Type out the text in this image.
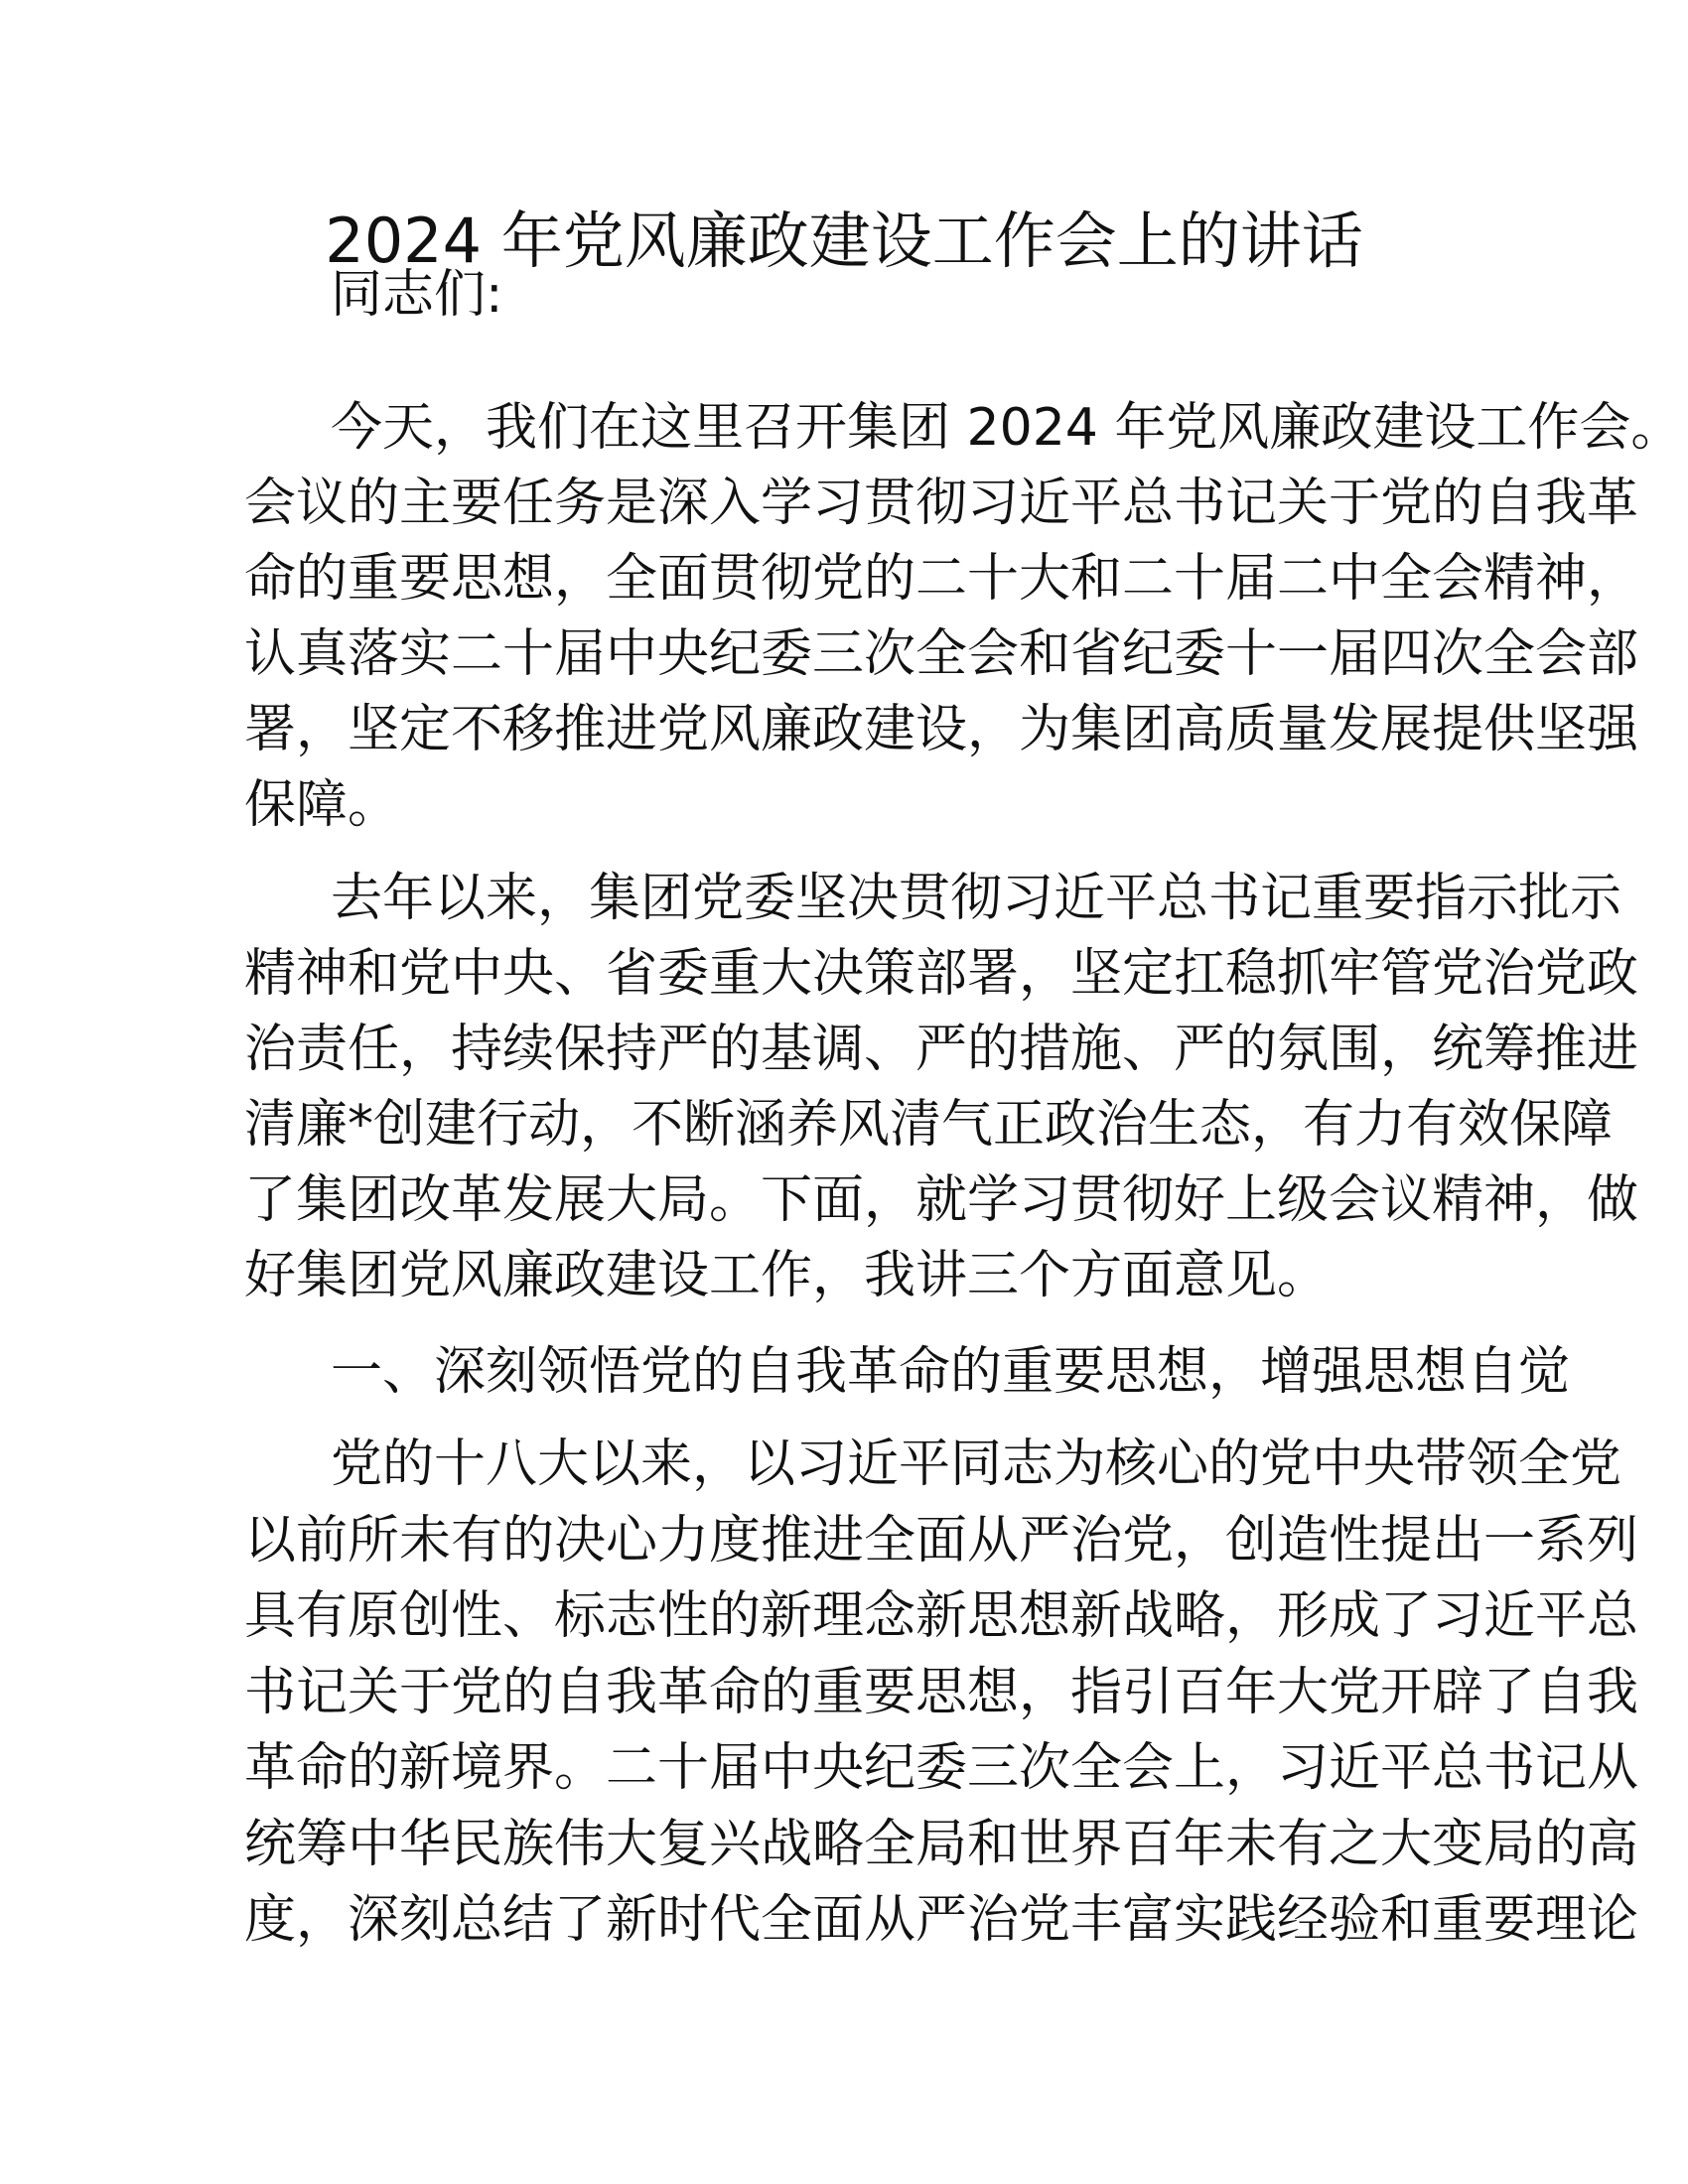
2024 年党风廉政建设工作会上的讲话
同志们:
今天，我们在这里召开集团 2024 年党风廉政建设工作会。
会议的主要任务是深入学习贯彻习近平总书记关于党的自我革
命的重要思想，全面贯彻党的二十大和二十届二中全会精神，
认真落实二十届中央纪委三次全会和省纪委十一届四次全会部
署，坚定不移推进党风廉政建设，为集团高质量发展提供坚强
保障。
去年以来，集团党委坚决贯彻习近平总书记重要指示批示
精神和党中央、省委重大决策部署，坚定扛稳抓牢管党治党政
治责任，持续保持严的基调、严的措施、严的氛围，统筹推进
清廉*创建行动，不断涵养风清气正政治生态，有力有效保障
了集团改革发展大局。下面，就学习贯彻好上级会议精神，做
好集团党风廉政建设工作，我讲三个方面意见。
一、深刻领悟党的自我革命的重要思想，增强思想自觉
党的十八大以来，以习近平同志为核心的党中央带领全党
以前所未有的决心力度推进全面从严治党，创造性提出一系列
具有原创性、标志性的新理念新思想新战略，形成了习近平总
书记关于党的自我革命的重要思想，指引百年大党开辟了自我
革命的新境界。二十届中央纪委三次全会上，习近平总书记从
统筹中华民族伟大复兴战略全局和世界百年未有之大变局的高
度，深刻总结了新时代全面从严治党丰富实践经验和重要理论
